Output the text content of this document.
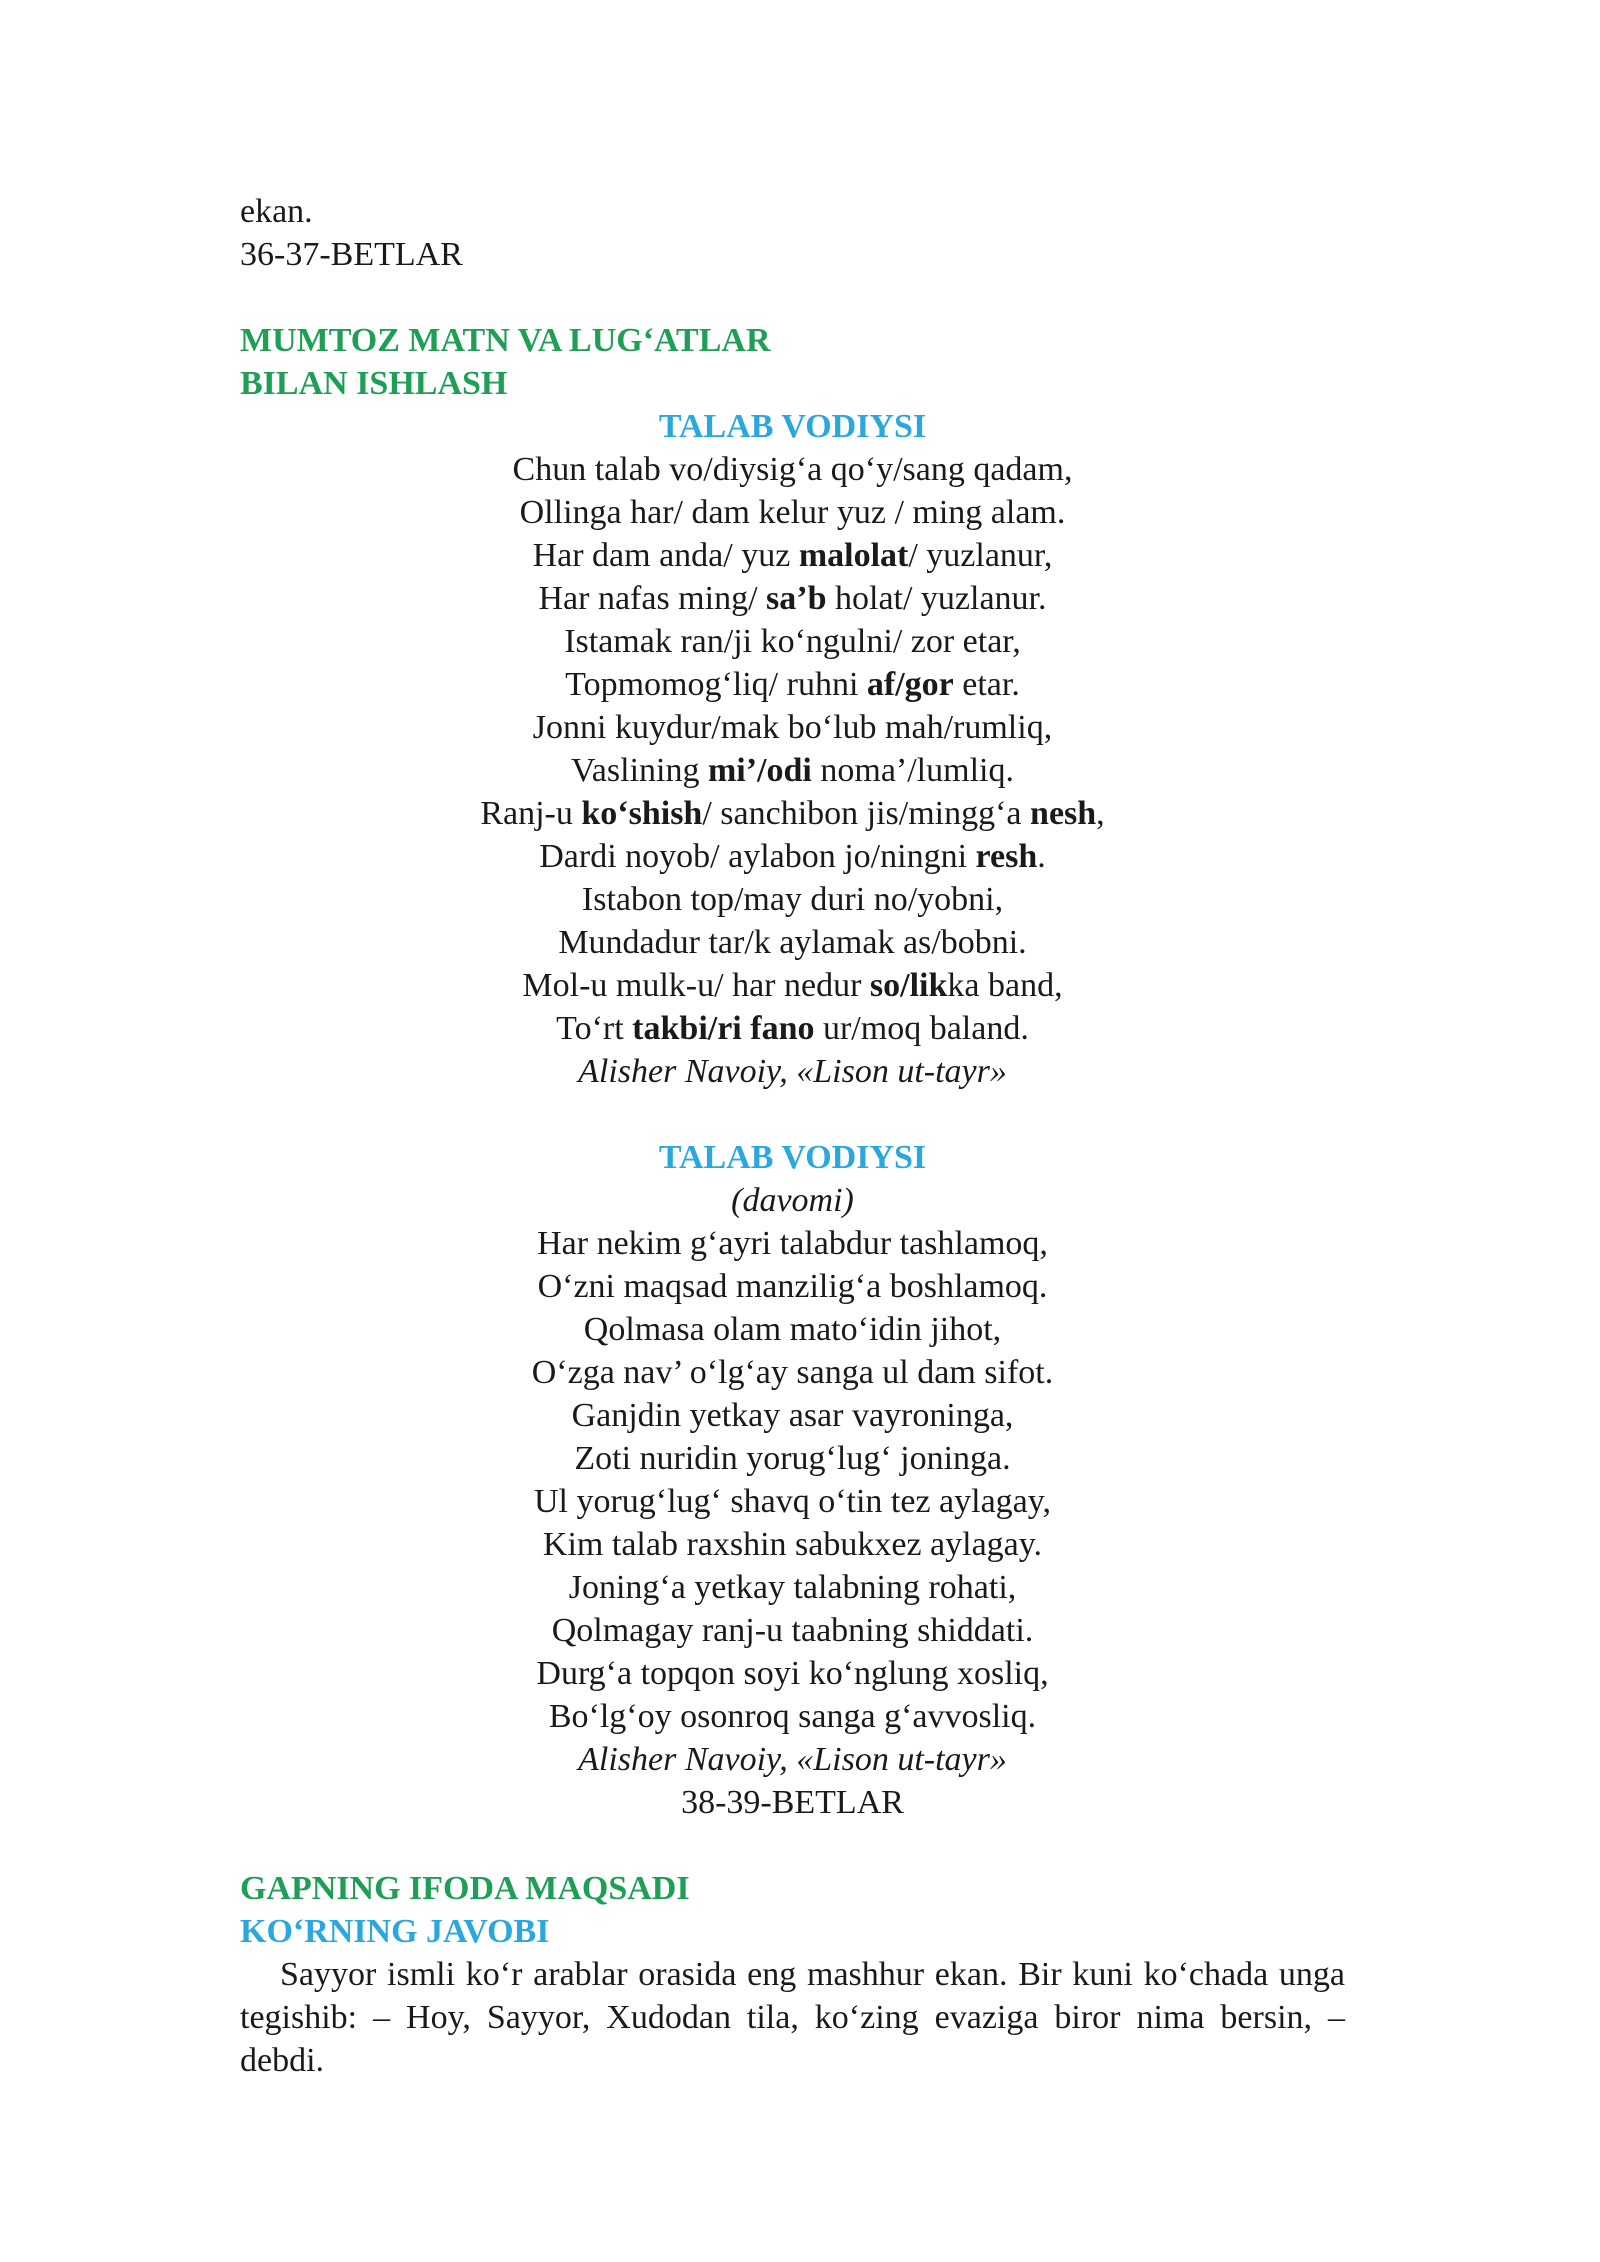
ekan.
36-37-BETLAR
MUMTOZ MATN VA LUG‘ATLAR
BILAN ISHLASH
TALAB VODIYSI
Chun talab vo/diysig‘a qo‘y/sang qadam,
Ollinga har/ dam kelur yuz / ming alam.
Har dam anda/ yuz malolat/ yuzlanur,
Har nafas ming/ sa’b holat/ yuzlanur.
Istamak ran/ji ko‘ngulni/ zor etar,
Topmomog‘liq/ ruhni af/gor etar.
Jonni kuydur/mak bo‘lub mah/rumliq,
Vaslining mi’/odi noma’/lumliq.
Ranj-u ko‘shish/ sanchibon jis/mingg‘a nesh,
Dardi noyob/ aylabon jo/ningni resh.
Istabon top/may duri no/yobni,
Mundadur tar/k aylamak as/bobni.
Mol-u mulk-u/ har nedur so/likka band,
To‘rt takbi/ri fano ur/moq baland.
Alisher Navoiy, «Lison ut-tayr»
TALAB VODIYSI
(davomi)
Har nekim g‘ayri talabdur tashlamoq,
O‘zni maqsad manzilig‘a boshlamoq.
Qolmasa olam mato‘idin jihot,
O‘zga nav’ o‘lg‘ay sanga ul dam sifot.
Ganjdin yetkay asar vayroninga,
Zoti nuridin yorug‘lug‘ joninga.
Ul yorug‘lug‘ shavq o‘tin tez aylagay,
Kim talab raxshin sabukxez aylagay.
Joning‘a yetkay talabning rohati,
Qolmagay ranj-u taabning shiddati.
Durg‘a topqon soyi ko‘nglung xosliq,
Bo‘lg‘oy osonroq sanga g‘avvosliq.
Alisher Navoiy, «Lison ut-tayr»
38-39-BETLAR
GAPNING IFODA MAQSADI
KO‘RNING JAVOBI
Sayyor ismli ko‘r arablar orasida eng mashhur ekan. Bir kuni ko‘chada unga tegishib: – Hoy, Sayyor, Xudodan tila, ko‘zing evaziga biror nima bersin, – debdi.
